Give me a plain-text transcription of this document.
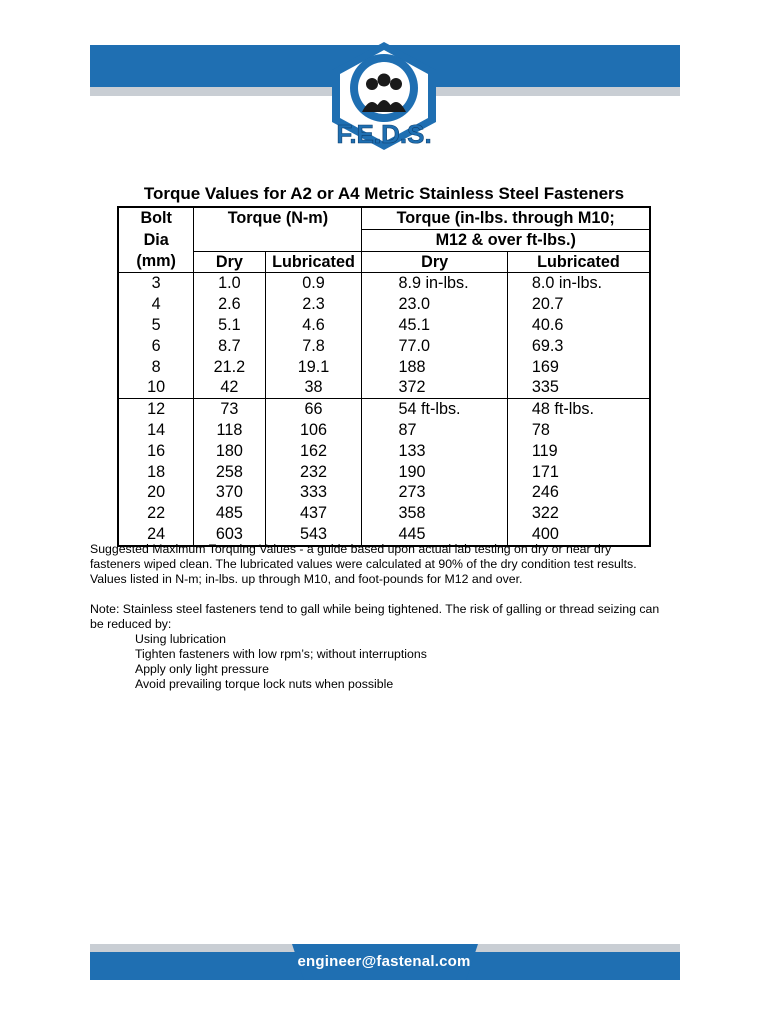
F.E.D.S.
Torque Values for A2 or A4 Metric Stainless Steel Fasteners
Bolt	Torque (N-m)		Torque (in-lbs. through M10;	
Dia			M12 & over ft-lbs.)	
(mm)	Dry	Lubricated	Dry	Lubricated
3	1.0	0.9	8.9 in-lbs.	8.0 in-lbs.
4	2.6	2.3	23.0	20.7
5	5.1	4.6	45.1	40.6
6	8.7	7.8	77.0	69.3
8	21.2	19.1	188	169
10	42	38	372	335
12	73	66	54 ft-lbs.	48 ft-lbs.
14	118	106	87	78
16	180	162	133	119
18	258	232	190	171
20	370	333	273	246
22	485	437	358	322
24	603	543	445	400

Suggested Maximum Torquing Values - a guide based upon actual lab testing on dry or near dry

fasteners wiped clean. The lubricated values were calculated at 90% of the dry condition test results.

Values listed in N-m; in-lbs. up through M10, and foot-pounds for M12 and over.

Note: Stainless steel fasteners tend to gall while being tightened. The risk of galling or thread seizing can

be reduced by:

Using lubrication

Tighten fasteners with low rpm’s; without interruptions

Apply only light pressure

Avoid prevailing torque lock nuts when possible

engineer@fastenal.com
